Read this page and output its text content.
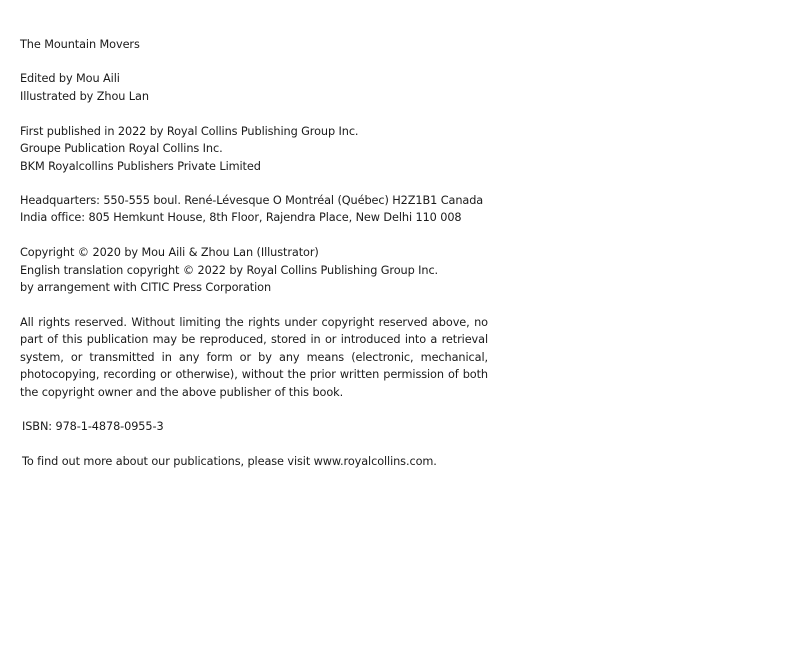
The Mountain Movers
Edited by Mou Aili
Illustrated by Zhou Lan
First published in 2022 by Royal Collins Publishing Group Inc.
Groupe Publication Royal Collins Inc.
BKM Royalcollins Publishers Private Limited
Headquarters: 550-555 boul. René-Lévesque O Montréal (Québec) H2Z1B1 Canada
India office: 805 Hemkunt House, 8th Floor, Rajendra Place, New Delhi 110 008
Copyright © 2020 by Mou Aili & Zhou Lan (Illustrator)
English translation copyright © 2022 by Royal Collins Publishing Group Inc.
by arrangement with CITIC Press Corporation
All rights reserved. Without limiting the rights under copyright reserved above, no part of this publication may be reproduced, stored in or introduced into a retrieval system, or transmitted in any form or by any means (electronic, mechanical, photocopying, recording or otherwise), without the prior written permission of both the copyright owner and the above publisher of this book.
ISBN: 978-1-4878-0955-3
To find out more about our publications, please visit www.royalcollins.com.
